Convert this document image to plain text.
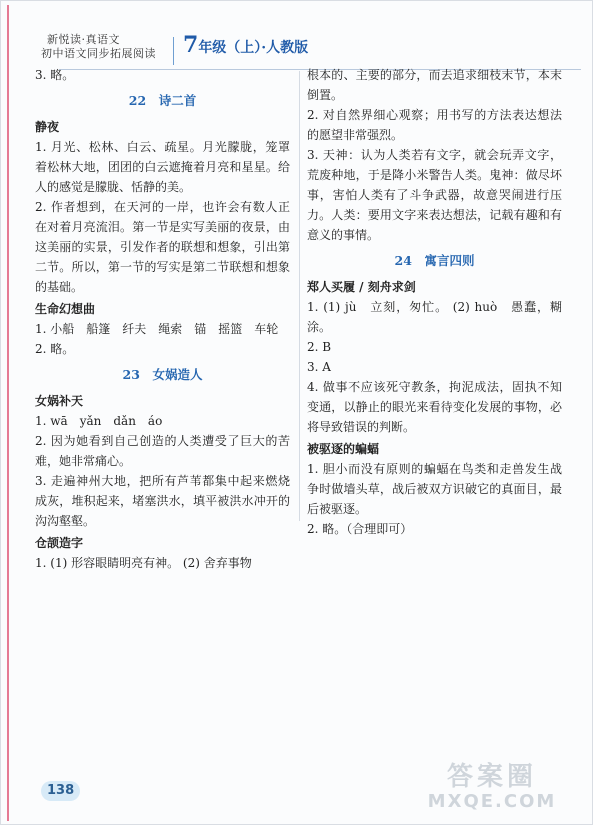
新悦读·真语文
初中语文同步拓展阅读 7年级（上）·人教版

3. 略。

22　诗二首

静夜

1. 月光、松林、白云、疏星。月光朦胧，笼罩着松林大地，团团的白云遮掩着月亮和星星。给人的感觉是朦胧、恬静的美。

2. 作者想到，在天河的一岸，也许会有数人正在对着月亮流泪。第一节是实写美丽的夜景，由这美丽的实景，引发作者的联想和想象，引出第二节。所以，第一节的写实是第二节联想和想象的基础。

生命幻想曲

1. 小船　船篷　纤夫　绳索　锚　摇篮　车轮

2. 略。

23　女娲造人

女娲补天

1. wā　yǎn　dǎn　áo

2. 因为她看到自己创造的人类遭受了巨大的苦难，她非常痛心。

3. 走遍神州大地，把所有芦苇都集中起来燃烧成灰，堆积起来，堵塞洪水，填平被洪水冲开的沟沟壑壑。

仓颉造字

1. (1) 形容眼睛明亮有神。 (2) 舍弃事物

根本的、主要的部分，而去追求细枝末节，本末倒置。

2. 对自然界细心观察；用书写的方法表达想法的愿望非常强烈。

3. 天神：认为人类若有文字，就会玩弄文字，荒废种地，于是降小米警告人类。鬼神：做尽坏事，害怕人类有了斗争武器，故意哭闹进行压力。人类：要用文字来表达想法，记载有趣和有意义的事情。

24　寓言四则

郑人买履 / 刻舟求剑

1. (1) jù　立刻，匆忙。 (2) huò　愚蠢，糊涂。

2. B

3. A

4. 做事不应该死守教条，拘泥成法，固执不知变通，以静止的眼光来看待变化发展的事物，必将导致错误的判断。

被驱逐的蝙蝠

1. 胆小而没有原则的蝙蝠在鸟类和走兽发生战争时做墙头草，战后被双方识破它的真面目，最后被驱逐。

2. 略。（合理即可）

138	答案圈
MXQE.COM
